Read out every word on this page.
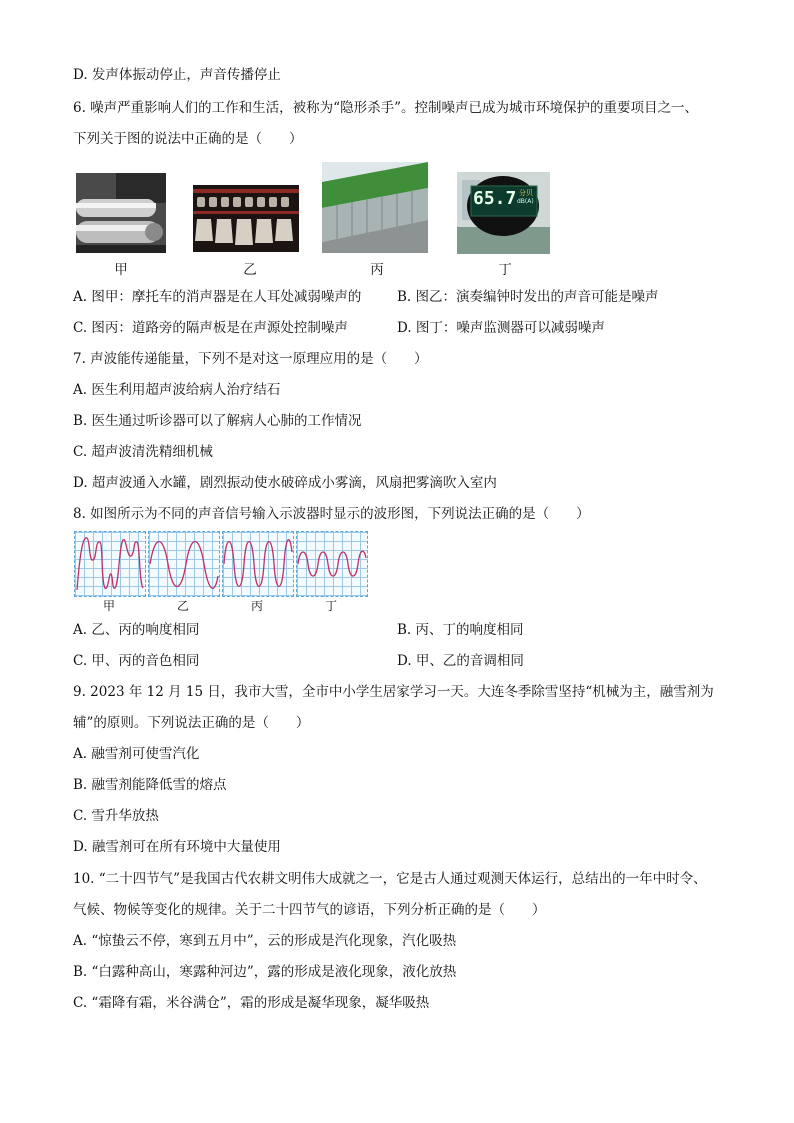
D. 发声体振动停止，声音传播停止
6. 噪声严重影响人们的工作和生活，被称为“隐形杀手”。控制噪声已成为城市环境保护的重要项目之一、
下列关于图的说法中正确的是（　　）
甲	乙	丙
65.7 分贝
dB(A)
丁
A. 图甲：摩托车的消声器是在人耳处减弱噪声的	B. 图乙：演奏编钟时发出的声音可能是噪声
C. 图丙：道路旁的隔声板是在声源处控制噪声	D. 图丁：噪声监测器可以减弱噪声
7. 声波能传递能量，下列不是对这一原理应用的是（　　）
A. 医生利用超声波给病人治疗结石
B. 医生通过听诊器可以了解病人心肺的工作情况
C. 超声波清洗精细机械
D. 超声波通入水罐，剧烈振动使水破碎成小雾滴，风扇把雾滴吹入室内
8. 如图所示为不同的声音信号输入示波器时显示的波形图，下列说法正确的是（　　）
甲	乙	丙	丁
A. 乙、丙的响度相同	B. 丙、丁的响度相同
C. 甲、丙的音色相同	D. 甲、乙的音调相同
9. 2023 年 12 月 15 日，我市大雪，全市中小学生居家学习一天。大连冬季除雪坚持“机械为主，融雪剂为
辅”的原则。下列说法正确的是（　　）
A. 融雪剂可使雪汽化
B. 融雪剂能降低雪的熔点
C. 雪升华放热
D. 融雪剂可在所有环境中大量使用
10. “二十四节气”是我国古代农耕文明伟大成就之一，它是古人通过观测天体运行，总结出的一年中时令、
气候、物候等变化的规律。关于二十四节气的谚语，下列分析正确的是（　　）
A. “惊蛰云不停，寒到五月中”，云的形成是汽化现象，汽化吸热
B. “白露种高山，寒露种河边”，露的形成是液化现象，液化放热
C. “霜降有霜，米谷满仓”，霜的形成是凝华现象，凝华吸热
